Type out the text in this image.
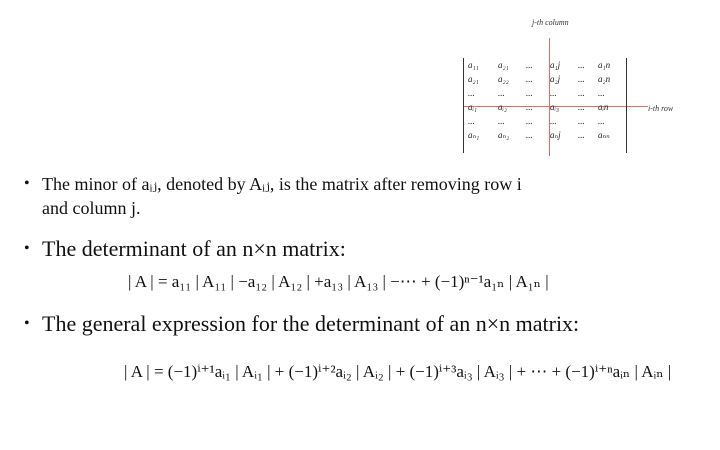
j-th column
i-th row
a₁₁ a₂₁ ... a₁j ... a₁n
a₂₁ a₂₂ ... a₂j ... a₂n
...	... ... ... ... ...
aᵢ₁ aᵢ₂ ... aᵢ₃ ... aᵢn
...	... ... ... ... ...
aₙ₁ aₙ₂ ... aₙj ... aₙₙ
• The minor of aᵢⱼ, denoted by Aᵢⱼ, is the matrix after removing row i
and column j.
• The determinant of an n×n matrix:
| A | = a₁₁ | A₁₁ | −a₁₂ | A₁₂ | +a₁₃ | A₁₃ | −⋯ + (−1)ⁿ⁻¹a₁ₙ | A₁ₙ |
• The general expression for the determinant of an n×n matrix:
| A | = (−1)ⁱ⁺¹aᵢ₁ | Aᵢ₁ | + (−1)ⁱ⁺²aᵢ₂ | Aᵢ₂ | + (−1)ⁱ⁺³aᵢ₃ | Aᵢ₃ | + ⋯ + (−1)ⁱ⁺ⁿaᵢₙ | Aᵢₙ |
